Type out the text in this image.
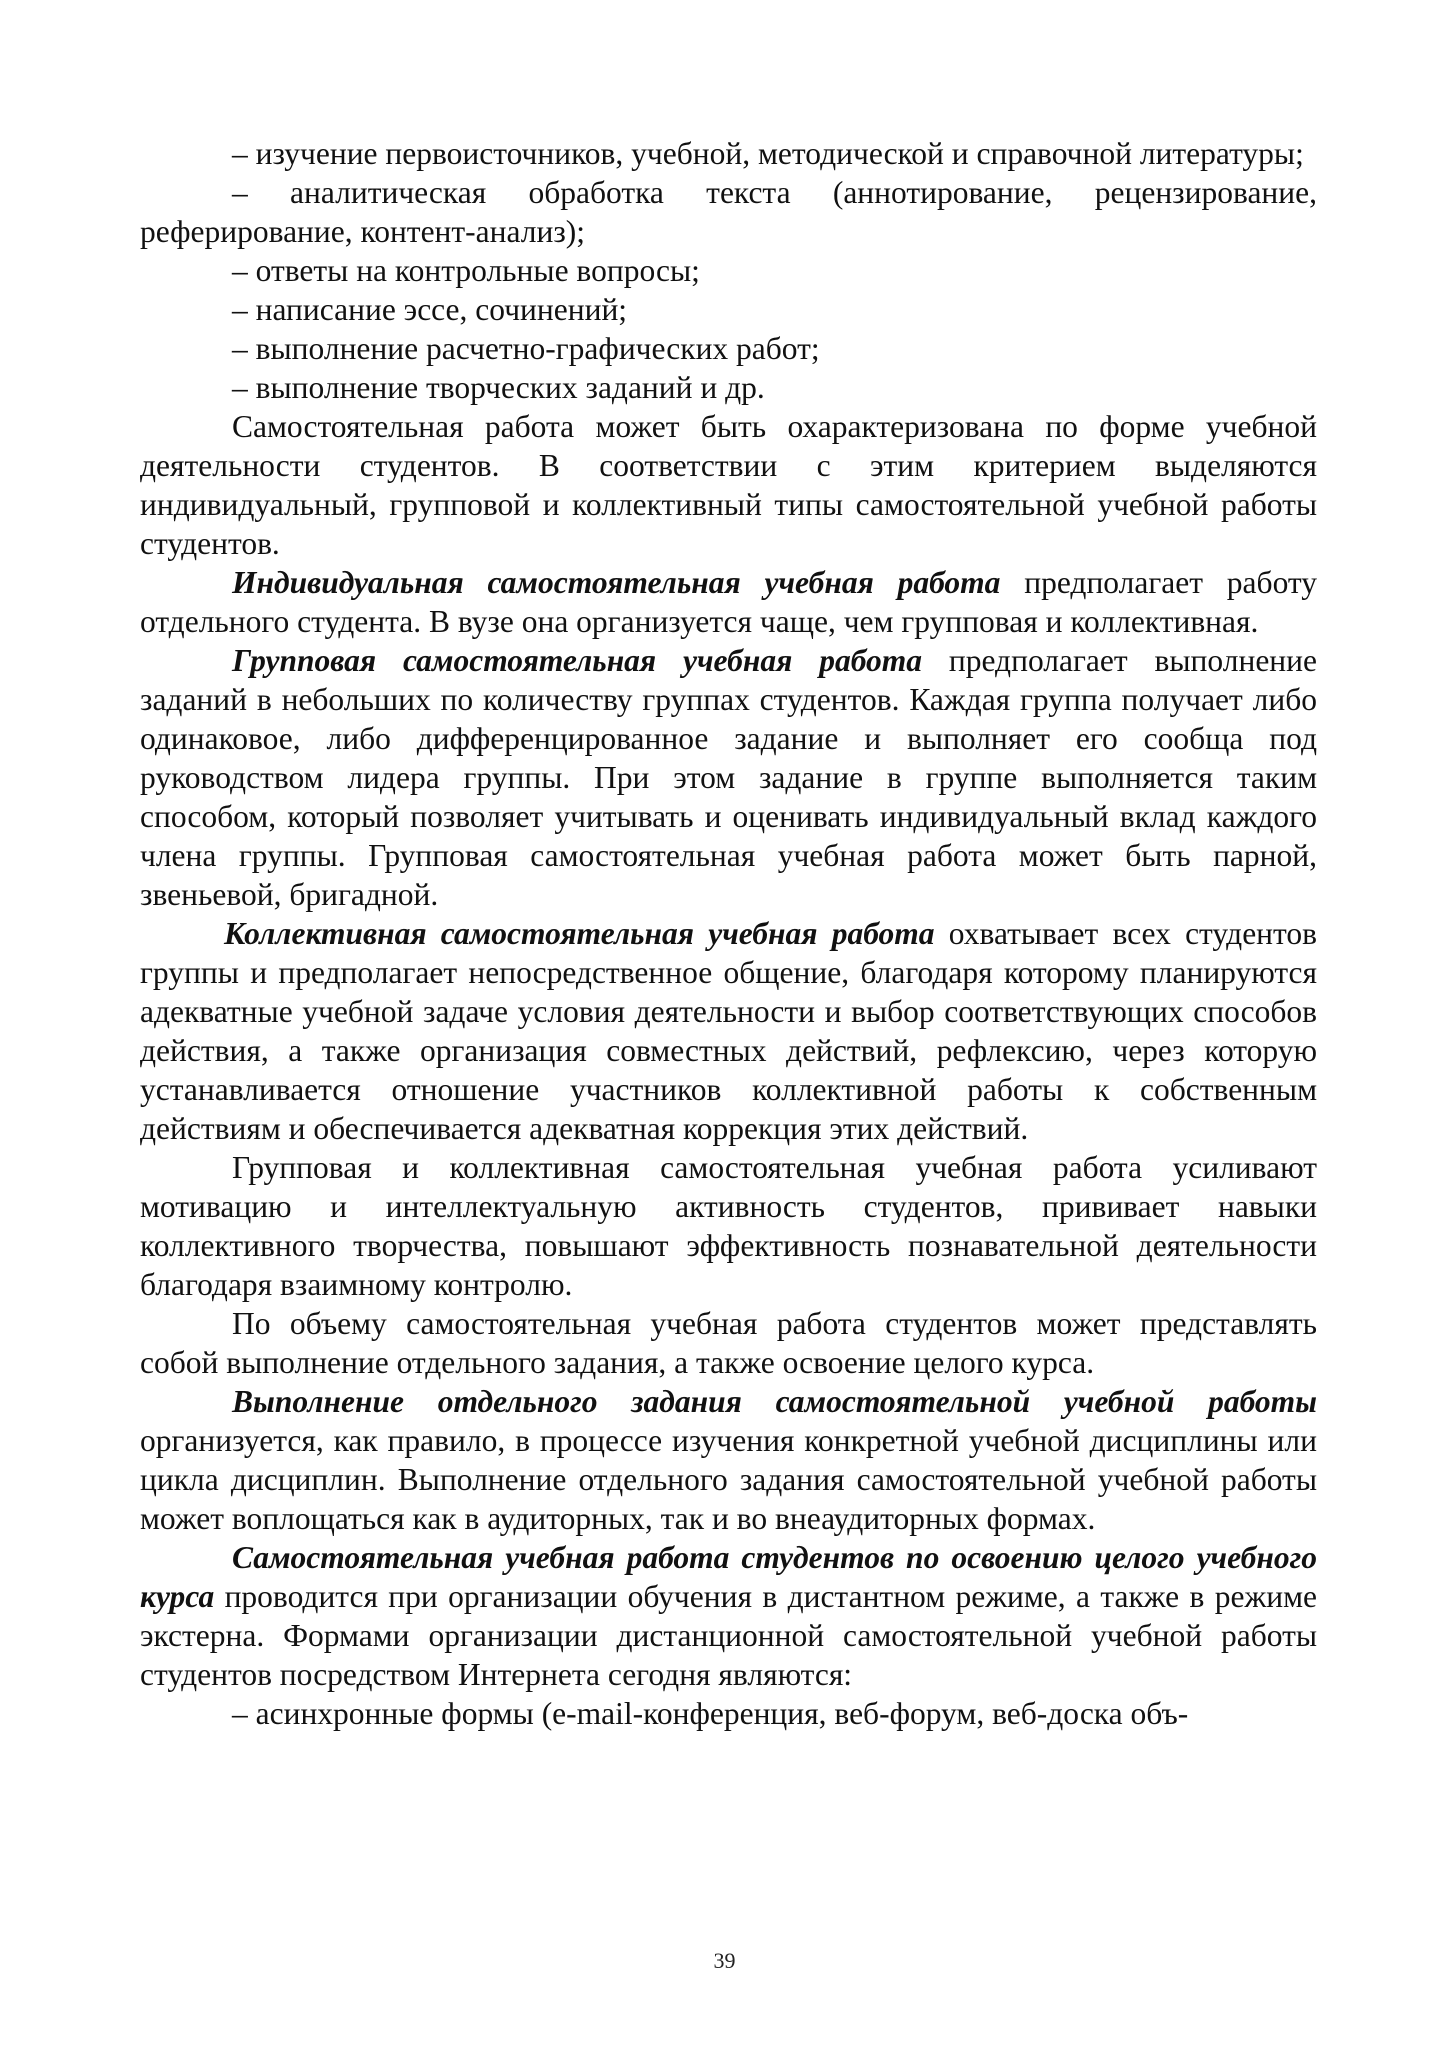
– изучение первоисточников, учебной, методической и справочной литературы;

– аналитическая обработка текста (аннотирование, рецензирование, реферирование, контент-анализ);

– ответы на контрольные вопросы;

– написание эссе, сочинений;

– выполнение расчетно-графических работ;

– выполнение творческих заданий и др.

Самостоятельная работа может быть охарактеризована по форме учебной деятельности студентов. В соответствии с этим критерием выделяются индивидуальный, групповой и коллективный типы самостоятельной учебной работы студентов.

Индивидуальная самостоятельная учебная работа предполагает работу отдельного студента. В вузе она организуется чаще, чем групповая и коллективная.

Групповая самостоятельная учебная работа предполагает выполнение заданий в небольших по количеству группах студентов. Каждая группа получает либо одинаковое, либо дифференцированное задание и выполняет его сообща под руководством лидера группы. При этом задание в группе выполняется таким способом, который позволяет учитывать и оценивать индивидуальный вклад каждого члена группы. Групповая самостоятельная учебная работа может быть парной, звеньевой, бригадной.

Коллективная самостоятельная учебная работа охватывает всех студентов группы и предполагает непосредственное общение, благодаря которому планируются адекватные учебной задаче условия деятельности и выбор соответствующих способов действия, а также организация совместных действий, рефлексию, через которую устанавливается отношение участников коллективной работы к собственным действиям и обеспечивается адекватная коррекция этих действий.

Групповая и коллективная самостоятельная учебная работа усиливают мотивацию и интеллектуальную активность студентов, прививает навыки коллективного творчества, повышают эффективность познавательной деятельности благодаря взаимному контролю.

По объему самостоятельная учебная работа студентов может представлять собой выполнение отдельного задания, а также освоение целого курса.

Выполнение отдельного задания самостоятельной учебной работы организуется, как правило, в процессе изучения конкретной учебной дисциплины или цикла дисциплин. Выполнение отдельного задания самостоятельной учебной работы может воплощаться как в аудиторных, так и во внеаудиторных формах.

Самостоятельная учебная работа студентов по освоению целого учебного курса проводится при организации обучения в дистантном режиме, а также в режиме экстерна. Формами организации дистанционной самостоятельной учебной работы студентов посредством Интернета сегодня являются:

– асинхронные формы (e-mail-конференция, веб-форум, веб-доска объ-

39
